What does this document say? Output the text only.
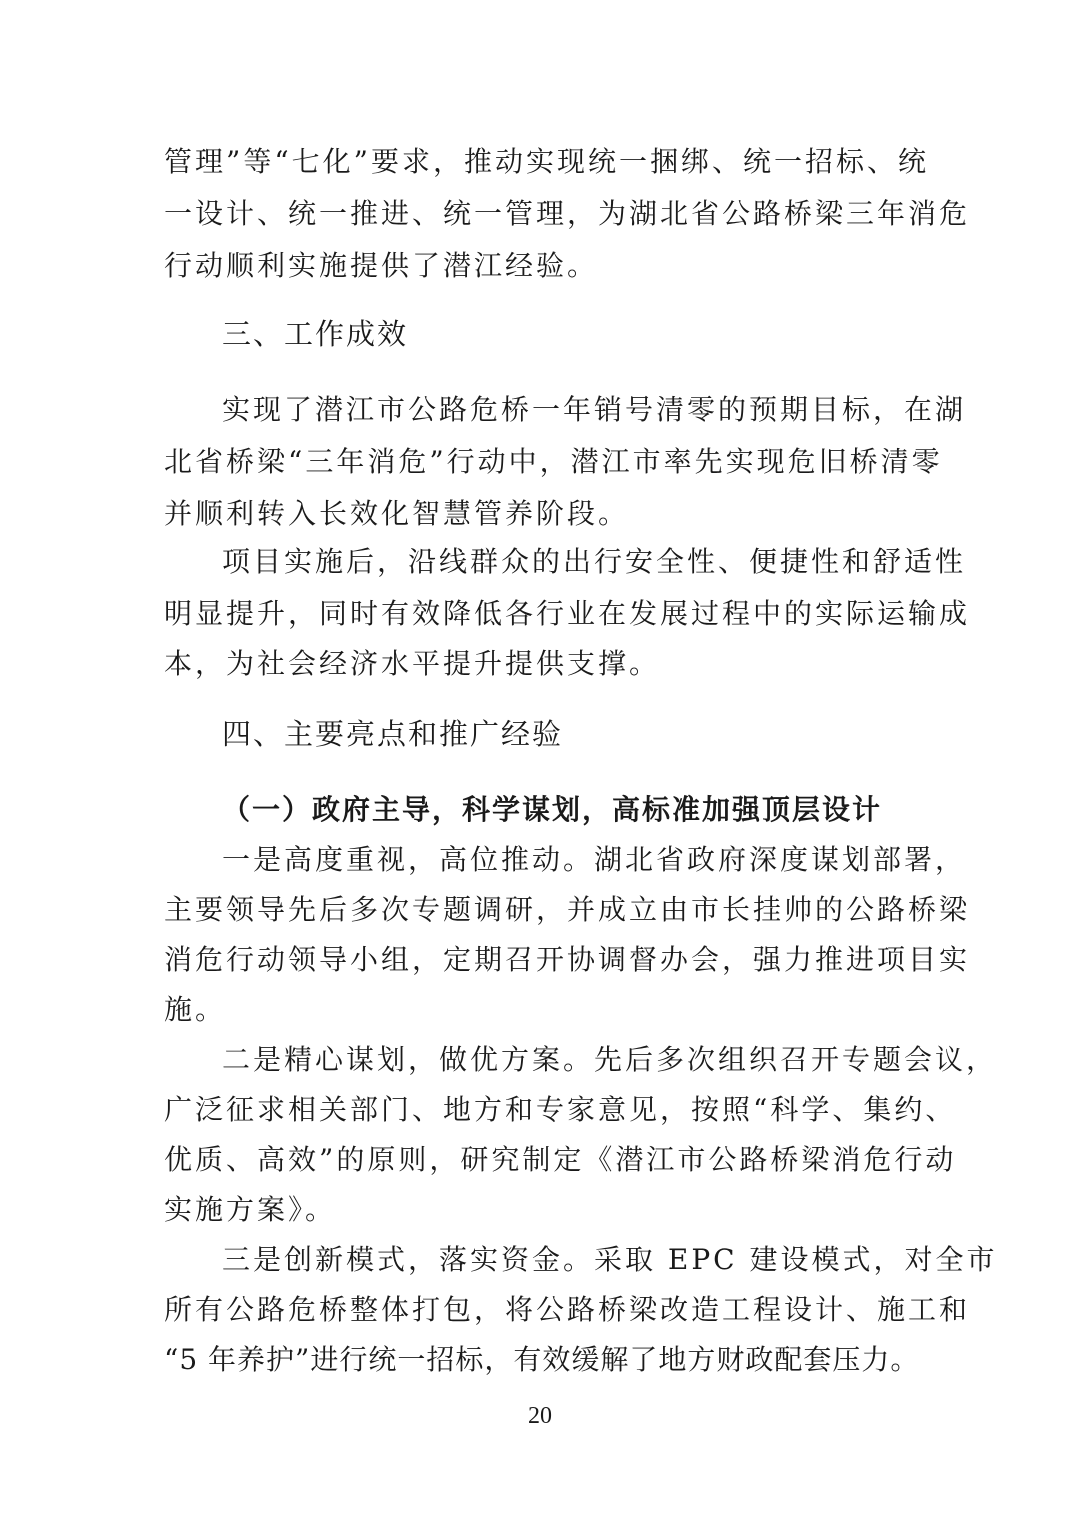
管理”等“七化”要求，推动实现统一捆绑、统一招标、统
一设计、统一推进、统一管理，为湖北省公路桥梁三年消危
行动顺利实施提供了潜江经验。
三、工作成效
实现了潜江市公路危桥一年销号清零的预期目标，在湖
北省桥梁“三年消危”行动中，潜江市率先实现危旧桥清零
并顺利转入长效化智慧管养阶段。
项目实施后，沿线群众的出行安全性、便捷性和舒适性
明显提升，同时有效降低各行业在发展过程中的实际运输成
本，为社会经济水平提升提供支撑。
四、主要亮点和推广经验
（一）政府主导，科学谋划，高标准加强顶层设计
一是高度重视，高位推动。湖北省政府深度谋划部署，
主要领导先后多次专题调研，并成立由市长挂帅的公路桥梁
消危行动领导小组，定期召开协调督办会，强力推进项目实
施。
二是精心谋划，做优方案。先后多次组织召开专题会议，
广泛征求相关部门、地方和专家意见，按照“科学、集约、
优质、高效”的原则，研究制定《潜江市公路桥梁消危行动
实施方案》。
三是创新模式，落实资金。采取 EPC 建设模式，对全市
所有公路危桥整体打包，将公路桥梁改造工程设计、施工和
“5 年养护”进行统一招标，有效缓解了地方财政配套压力。
20
